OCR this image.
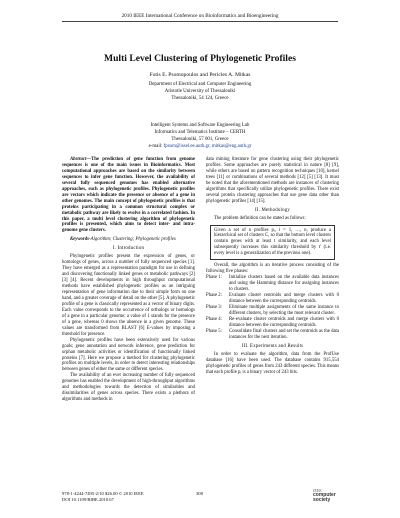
2010 IEEE International Conference on Bioinformatics and Bioengineering
Multi Level Clustering of Phylogenetic Profiles
Fotis E. Psomopoulos and Pericles A. Mitkas
Department of Electrical and Computer Engineering
Aristotle University of Thessaloniki
Thessaloniki, 54 124, Greece
Intelligent Systems and Software Engineering Lab
Informatics and Telematics Institute – CERTH
Thessaloniki, 57 001, Greece
e-mail: fpsom@issel.ee.auth.gr, mitkas@eng.auth.gr

Abstract—The prediction of gene function from genome sequences is one of the main issues in Bioinformatics. Most computational approaches are based on the similarity between sequences to infer gene function. However, the availability of several fully sequenced genomes has enabled alternative approaches, such as phylogenetic profiles. Phylogenetic profiles are vectors which indicate the presence or absence of a gene in other genomes. The main concept of phylogenetic profiles is that proteins participating in a common structural complex or metabolic pathway are likely to evolve in a correlated fashion. In this paper, a multi level clustering algorithm of phylogenetic profiles is presented, which aims to detect inter- and intra-genome gene clusters.

Keywords-Algorithm; Clustering; Phylogenetic profiles

I. Introduction

Phylogenetic profiles present the expression of genes, or homologs of genes, across a number of fully sequenced species [1]. They have emerged as a representation paradigm for use in defining and discovering functionally linked genes or metabolic pathways [2] [3] [4]. Recent developments in high throughput computational methods have established phylogenetic profiles as an intriguing representation of gene information due to their simple form on one hand, and a greater coverage of detail on the other [5]. A phylogenetic profile of a gene is classically represented as a vector of binary digits. Each value corresponds to the occurrence of orthologs or homologs of a gene in a particular genome; a value of 1 stands for the presence of a gene, whereas 0 shows the absence in a given genome. These values are transformed from BLAST [6] E-values by imposing a threshold for presence.

Phylogenetic profiles have been extensively used for various goals; gene annotation and network inference, gene prediction for orphan metabolic activities or identification of functionally linked proteins [7]. Here we propose a method for clustering phylogenetic profiles on multiple levels, in order to detect interesting relationships between genes of either the same or different species.

The availability of an ever increasing number of fully sequenced genomes has enabled the development of high-throughput algorithms and methodologies towards the detection of similarities and dissimilarities of genes across species. There exists a plethora of algorithms and methods in

data mining literature for gene clustering using their phylogenetic profiles. Some approaches are purely statistical in nature [8] [9], while others are based on pattern recognition techniques [10], kernel trees [11] or combinations of several methods [12] [5] [13]. It must be noted that the aforementioned methods are instances of clustering algorithms that specifically utilize phylogenetic profiles. There exist several protein clustering approaches that use gene data other than phylogenetic profiles [14] [15].

II. Methodology

The problem definition can be stated as follows:

Given a set of n profiles pᵢ, i = 1, …, n, produce a hierarchical set of clusters C, so that the bottom level clusters contain genes with at least t similarity, and each level subsequently increases this similarity threshold by t′ (i.e. every level is a generalization of the previous one).

Overall, the algorithm is an iterative process consisting of the following five phases:

Phase 1:	Initialize clusters based on the available data instances and using the Hamming distance for assigning instances to clusters.
Phase 2:	Evaluate cluster centroids and merge clusters with 0 distance between the corresponding centroids.
Phase 3:	Eliminate multiple assignments of the same instance to different clusters, by selecting the most relevant cluster.
Phase 4:	Re-evaluate cluster centroids and merge clusters with 0 distance between the corresponding centroids.
Phase 5:	Consolidate final clusters and set the centroids as the data instances for the next iteration.
III. Experiments and Results

In order to evaluate the algorithm, data from the ProfUse database [16] have been used. The database contains 915,554 phylogenetic profiles of genes from 243 different species. This means that each profile pᵢ is a binary vector of 243 bits.

978-1-4244-7495-2/10 $26.00 © 2010 IEEE
DOI 10.1109/BIBE.2010.67
308
IEEE
computer
society
